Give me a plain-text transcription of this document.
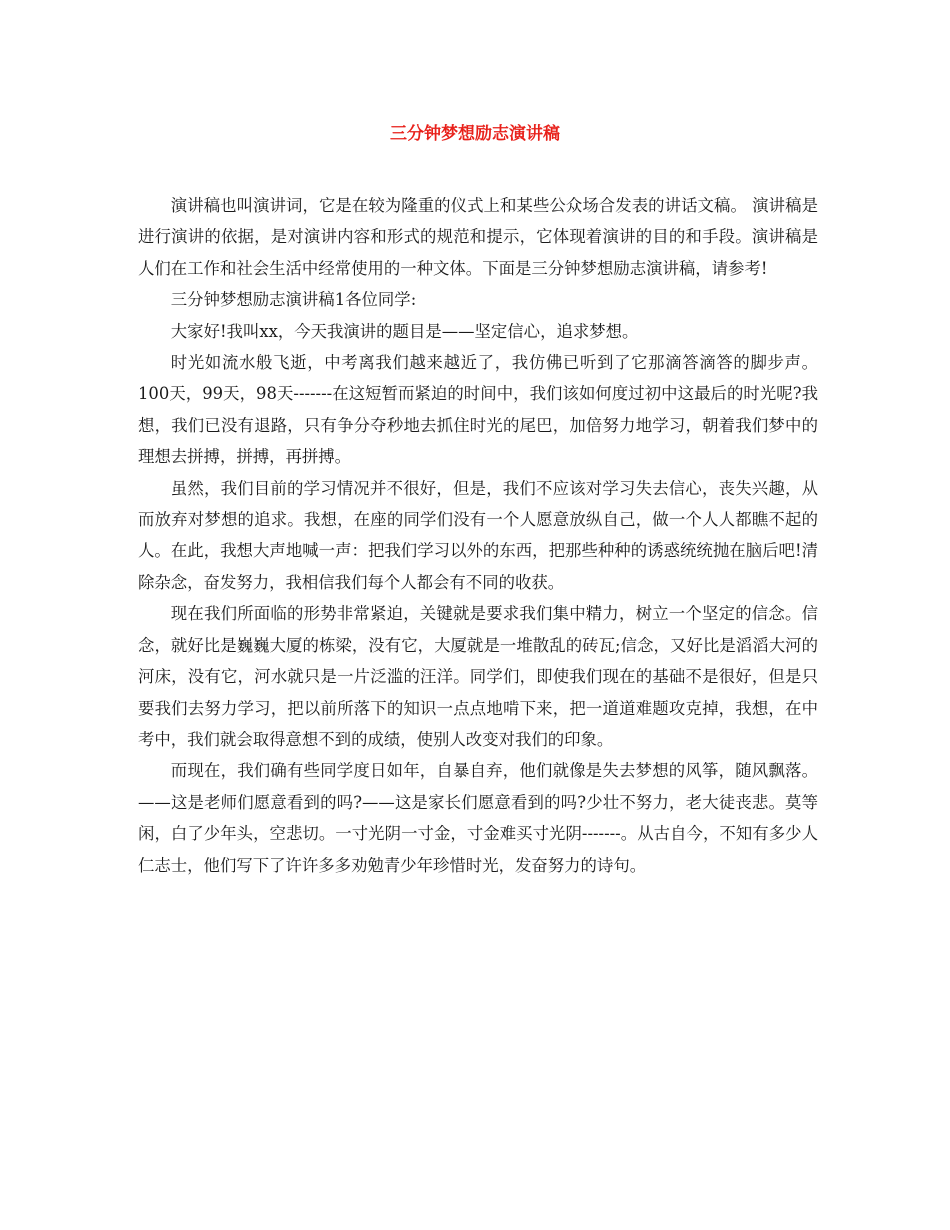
三分钟梦想励志演讲稿

演讲稿也叫演讲词，它是在较为隆重的仪式上和某些公众场合发表的讲话文稿。 演讲稿是进行演讲的依据，是对演讲内容和形式的规范和提示，它体现着演讲的目的和手段。演讲稿是人们在工作和社会生活中经常使用的一种文体。下面是三分钟梦想励志演讲稿，请参考!

三分钟梦想励志演讲稿1各位同学:

大家好!我叫xx，今天我演讲的题目是——坚定信心，追求梦想。

时光如流水般飞逝，中考离我们越来越近了，我仿佛已听到了它那滴答滴答的脚步声。100天，99天，98天-------在这短暂而紧迫的时间中，我们该如何度过初中这最后的时光呢?我想，我们已没有退路，只有争分夺秒地去抓住时光的尾巴，加倍努力地学习，朝着我们梦中的理想去拼搏，拼搏，再拼搏。

虽然，我们目前的学习情况并不很好，但是，我们不应该对学习失去信心，丧失兴趣，从而放弃对梦想的追求。我想，在座的同学们没有一个人愿意放纵自己，做一个人人都瞧不起的人。在此，我想大声地喊一声：把我们学习以外的东西，把那些种种的诱惑统统抛在脑后吧!清除杂念，奋发努力，我相信我们每个人都会有不同的收获。

现在我们所面临的形势非常紧迫，关键就是要求我们集中精力，树立一个坚定的信念。信念，就好比是巍巍大厦的栋梁，没有它，大厦就是一堆散乱的砖瓦;信念，又好比是滔滔大河的河床，没有它，河水就只是一片泛滥的汪洋。同学们，即使我们现在的基础不是很好，但是只要我们去努力学习，把以前所落下的知识一点点地啃下来，把一道道难题攻克掉，我想，在中考中，我们就会取得意想不到的成绩，使别人改变对我们的印象。

而现在，我们确有些同学度日如年，自暴自弃，他们就像是失去梦想的风筝，随风飘落。——这是老师们愿意看到的吗?——这是家长们愿意看到的吗?少壮不努力，老大徒丧悲。莫等闲，白了少年头，空悲切。一寸光阴一寸金，寸金难买寸光阴-------。从古自今，不知有多少人仁志士，他们写下了许许多多劝勉青少年珍惜时光，发奋努力的诗句。
